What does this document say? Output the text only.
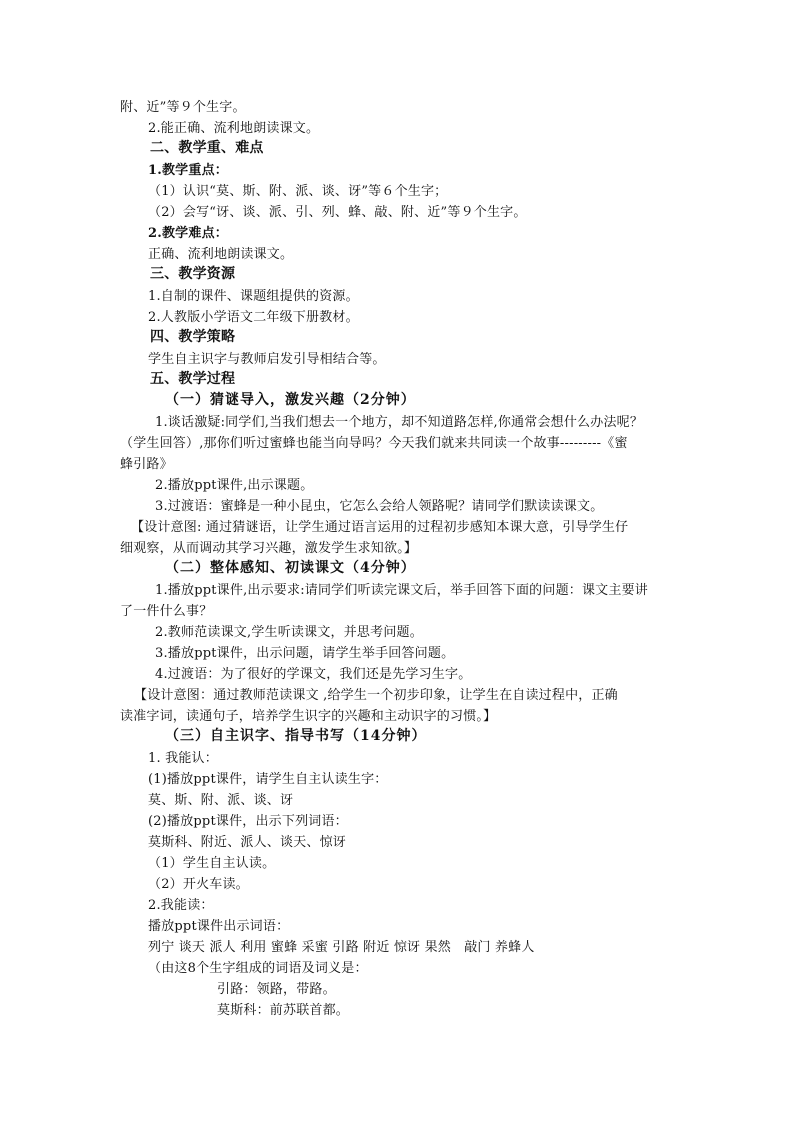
附、近”等９个生字。
2.能正确、流利地朗读课文。
二、教学重、难点
1.教学重点：
（1）认识“莫、斯、附、派、谈、讶”等６个生字；
（2）会写“讶、谈、派、引、列、蜂、敲、附、近”等９个生字。
2.教学难点：
正确、流利地朗读课文。
三、教学资源
1.自制的课件、课题组提供的资源。
2.人教版小学语文二年级下册教材。
四、教学策略
学生自主识字与教师启发引导相结合等。
五、教学过程
（一）猜谜导入，激发兴趣（2分钟）
1.谈话激疑:同学们,当我们想去一个地方，却不知道路怎样,你通常会想什么办法呢？
（学生回答）,那你们听过蜜蜂也能当向导吗？今天我们就来共同读一个故事---------《蜜
蜂引路》
2.播放ppt课件,出示课题。
3.过渡语：蜜蜂是一种小昆虫，它怎么会给人领路呢？请同学们默读读课文。
【设计意图: 通过猜谜语，让学生通过语言运用的过程初步感知本课大意，引导学生仔
细观察，从而调动其学习兴趣，激发学生求知欲。】
（二）整体感知、初读课文（4分钟）
1.播放ppt课件,出示要求:请同学们听读完课文后，举手回答下面的问题：课文主要讲
了一件什么事？
2.教师范读课文,学生听读课文，并思考问题。
3.播放ppt课件，出示问题，请学生举手回答问题。
4.过渡语：为了很好的学课文，我们还是先学习生字。
【设计意图：通过教师范读课文 ,给学生一个初步印象，让学生在自读过程中，正确
读准字词，读通句子，培养学生识字的兴趣和主动识字的习惯。】
（三）自主识字、指导书写（14分钟）
1. 我能认：
(1)播放ppt课件，请学生自主认读生字：
莫、斯、附、派、谈、讶
(2)播放ppt课件，出示下列词语：
莫斯科、附近、派人、谈天、惊讶
（1）学生自主认读。
（2）开火车读。
2.我能读：
播放ppt课件出示词语：
列宁 谈天 派人 利用 蜜蜂 采蜜 引路 附近 惊讶 果然　敲门 养蜂人
（由这8个生字组成的词语及词义是：
引路：领路，带路。
莫斯科：前苏联首都。
